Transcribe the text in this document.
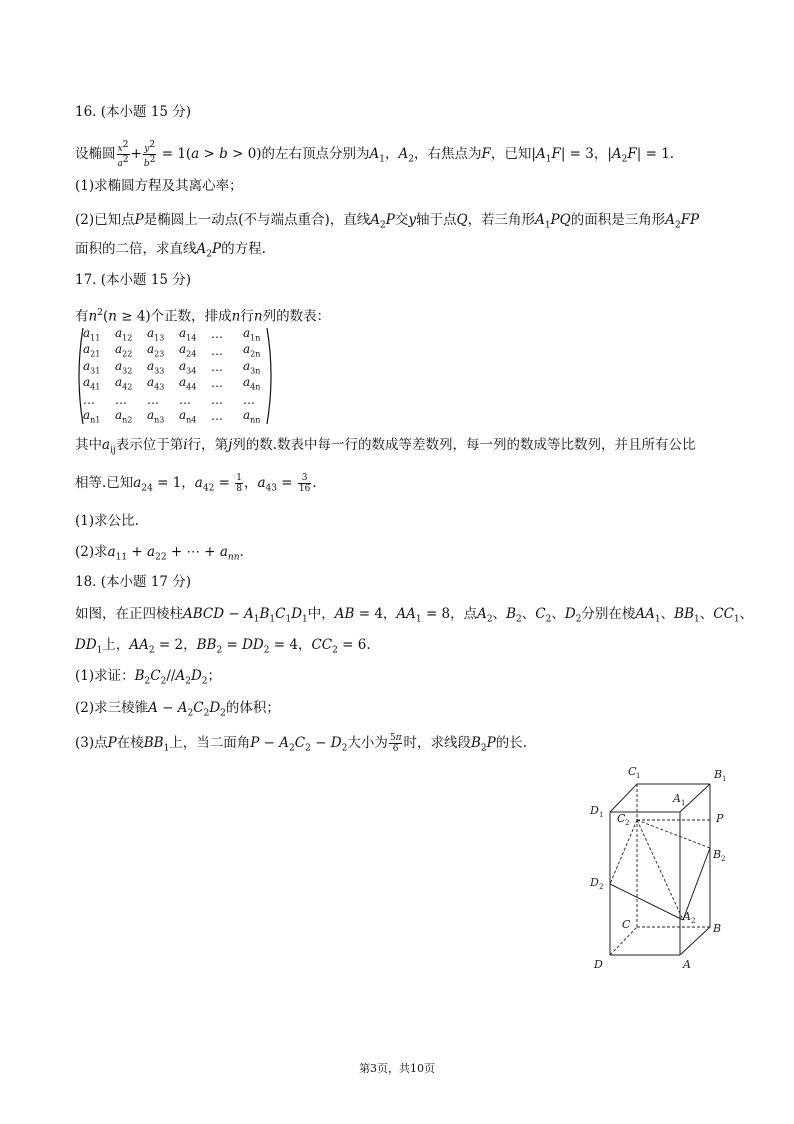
16. (本小题 15 分)
设椭圆 $\frac{x^2}{a^2} + \frac{y^2}{b^2} = 1(a > b > 0)$的左右顶点分别为$A_1$，$A_2$，右焦点为F，已知$|A_1F| = 3$，$|A_2F| = 1$.
(1)求椭圆方程及其离心率；
(2)已知点P是椭圆上一动点(不与端点重合)，直线$A_2P$交y轴于点Q，若三角形$A_1PQ$的面积是三角形$A_2FP$
面积的二倍，求直线$A_2P$的方程.
17. (本小题 15 分)
有$n^2(n \ge 4)$个正数，排成n行n列的数表：
$a_{11}$	$a_{12}$	$a_{13}$	$a_{14}$	…	$a_{1n}$
$a_{21}$	$a_{22}$	$a_{23}$	$a_{24}$	…	$a_{2n}$
$a_{31}$	$a_{32}$	$a_{33}$	$a_{34}$	…	$a_{3n}$
$a_{41}$	$a_{42}$	$a_{43}$	$a_{44}$	…	$a_{4n}$
…	…	…	…	…	…
$a_{n1}$	$a_{n2}$	$a_{n3}$	$a_{n4}$	…	$a_{nn}$
其中$a_{ij}$表示位于第i行，第j列的数.数表中每一行的数成等差数列，每一列的数成等比数列，并且所有公比
相等.已知$a_{24} = 1$，$a_{42} = \frac{1}{8}$ ，$a_{43} = \frac{3}{16}$ .
(1)求公比.
(2)求$a_{11} + a_{22}$ + ⋯ + $a_{nn}$.
18. (本小题 17 分)
如图，在正四棱柱ABCD − $A_1B_1C_1D_1$中，AB = 4，$AA_1 = 8$，点$A_2$、$B_2$、$C_2$、$D_2$分别在棱$AA_1$、$BB_1$、$CC_1$、
$DD_1$上，$AA_2 = 2$，$BB_2 = DD_2 = 4$，$CC_2 = 6$.
(1)求证：$B_2C_2//A_2D_2$；
(2)求三棱锥$A - A_2C_2D_2$的体积；
(3)点P在棱$BB_1$上，当二面角$P - A_2C_2 - D_2$大小为 $\frac{5\pi}{6}$ 时，求线段$B_2P$的长.
C 1	B 1
A 1
D 1 C 2	P
B 2
D 2
A 2
C	B
D	A
第3页，共10页
